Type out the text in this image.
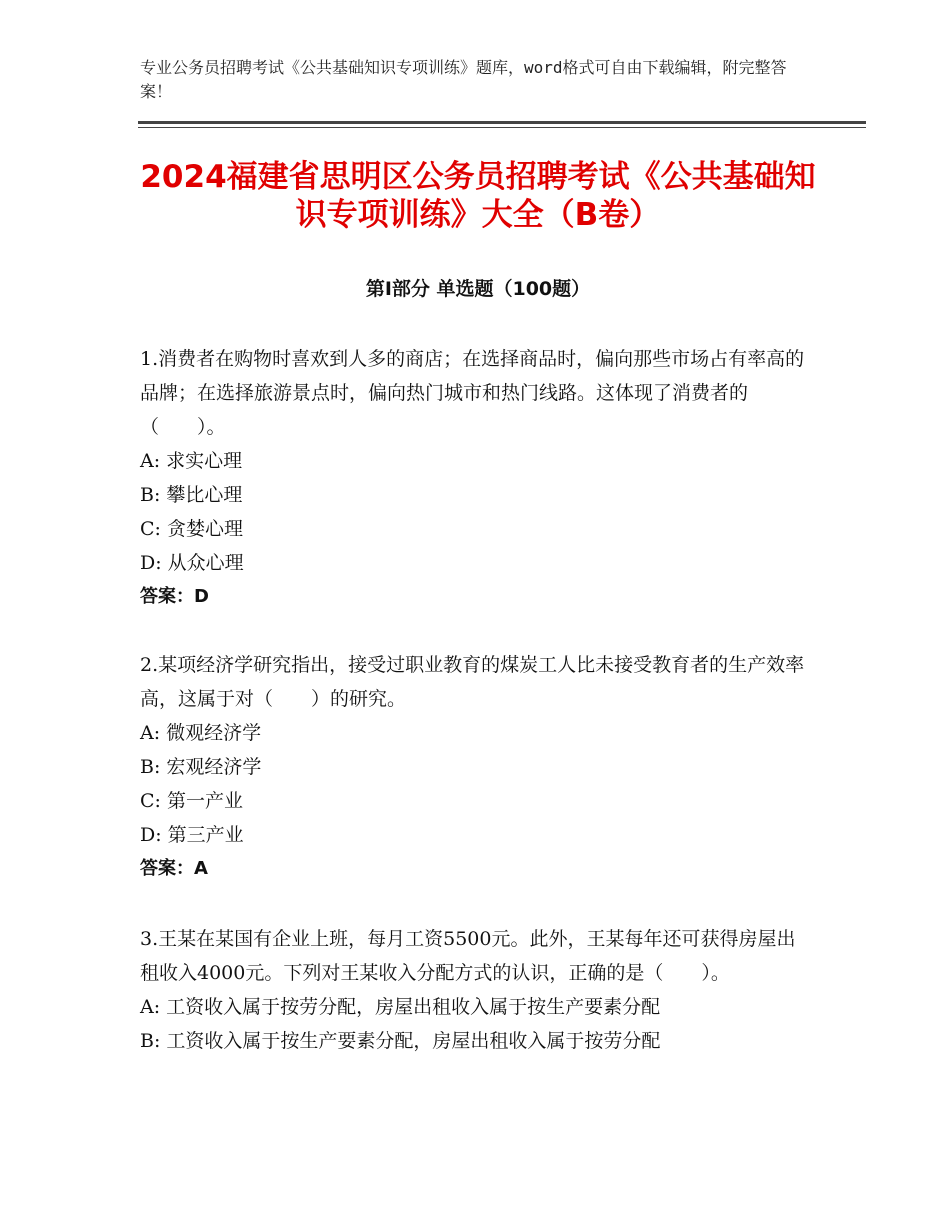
专业公务员招聘考试《公共基础知识专项训练》题库，word格式可自由下载编辑，附完整答案！
2024福建省思明区公务员招聘考试《公共基础知识专项训练》大全（B卷）
第Ⅰ部分 单选题（100题）
1.消费者在购物时喜欢到人多的商店；在选择商品时，偏向那些市场占有率高的品牌；在选择旅游景点时，偏向热门城市和热门线路。这体现了消费者的（　　）。
A: 求实心理
B: 攀比心理
C: 贪婪心理
D: 从众心理
答案：D
2.某项经济学研究指出，接受过职业教育的煤炭工人比未接受教育者的生产效率高，这属于对（　　）的研究。
A: 微观经济学
B: 宏观经济学
C: 第一产业
D: 第三产业
答案：A
3.王某在某国有企业上班，每月工资5500元。此外，王某每年还可获得房屋出租收入4000元。下列对王某收入分配方式的认识，正确的是（　　）。
A: 工资收入属于按劳分配，房屋出租收入属于按生产要素分配
B: 工资收入属于按生产要素分配，房屋出租收入属于按劳分配
